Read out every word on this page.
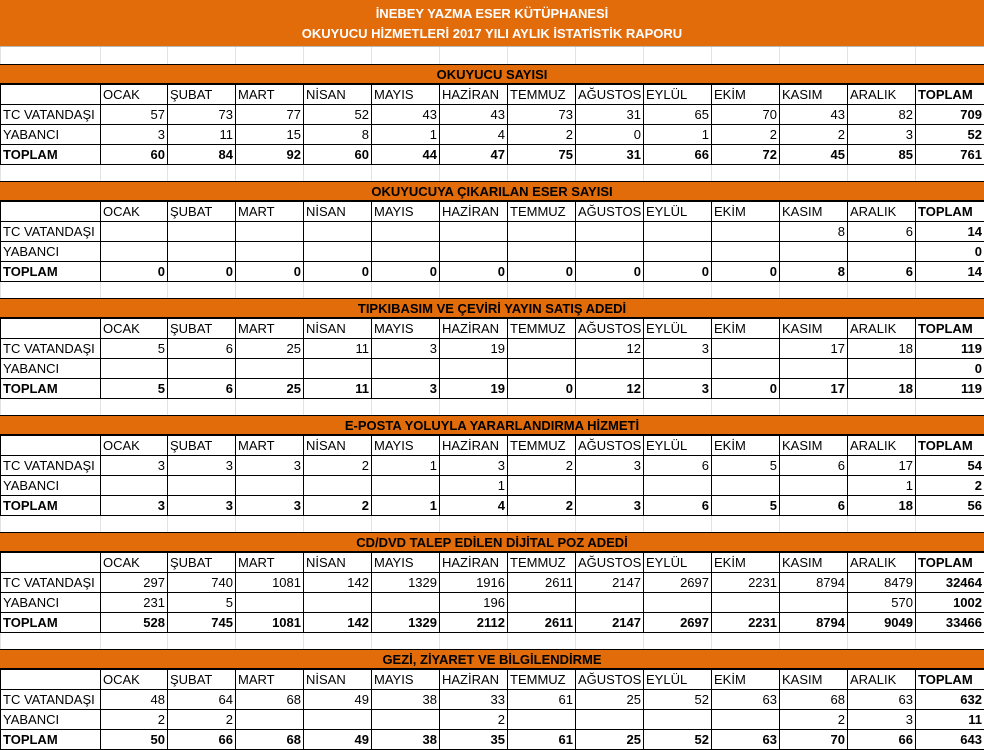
İNEBEY YAZMA ESER KÜTÜPHANESİ
OKUYUCU HİZMETLERİ 2017 YILI AYLIK İSTATİSTİK RAPORU
OKUYUCU SAYISI
	OCAK	ŞUBAT	MART	NİSAN	MAYIS	HAZİRAN	TEMMUZ	AĞUSTOS	EYLÜL	EKİM	KASIM	ARALIK	TOPLAM
TC VATANDAŞI	57	73	77	52	43	43	73	31	65	70	43	82	709
YABANCI	3	11	15	8	1	4	2	0	1	2	2	3	52
TOPLAM	60	84	92	60	44	47	75	31	66	72	45	85	761
OKUYUCUYA ÇIKARILAN ESER SAYISI
	OCAK	ŞUBAT	MART	NİSAN	MAYIS	HAZİRAN	TEMMUZ	AĞUSTOS	EYLÜL	EKİM	KASIM	ARALIK	TOPLAM
TC VATANDAŞI											8	6	14
YABANCI													0
TOPLAM	0	0	0	0	0	0	0	0	0	0	8	6	14
TIPKIBASIM VE ÇEVİRİ YAYIN SATIŞ ADEDİ
	OCAK	ŞUBAT	MART	NİSAN	MAYIS	HAZİRAN	TEMMUZ	AĞUSTOS	EYLÜL	EKİM	KASIM	ARALIK	TOPLAM
TC VATANDAŞI	5	6	25	11	3	19		12	3		17	18	119
YABANCI													0
TOPLAM	5	6	25	11	3	19	0	12	3	0	17	18	119
E-POSTA YOLUYLA YARARLANDIRMA HİZMETİ
	OCAK	ŞUBAT	MART	NİSAN	MAYIS	HAZİRAN	TEMMUZ	AĞUSTOS	EYLÜL	EKİM	KASIM	ARALIK	TOPLAM
TC VATANDAŞI	3	3	3	2	1	3	2	3	6	5	6	17	54
YABANCI						1						1	2
TOPLAM	3	3	3	2	1	4	2	3	6	5	6	18	56
CD/DVD TALEP EDİLEN DİJİTAL POZ ADEDİ
	OCAK	ŞUBAT	MART	NİSAN	MAYIS	HAZİRAN	TEMMUZ	AĞUSTOS	EYLÜL	EKİM	KASIM	ARALIK	TOPLAM
TC VATANDAŞI	297	740	1081	142	1329	1916	2611	2147	2697	2231	8794	8479	32464
YABANCI	231	5				196						570	1002
TOPLAM	528	745	1081	142	1329	2112	2611	2147	2697	2231	8794	9049	33466
GEZİ, ZİYARET VE BİLGİLENDİRME
	OCAK	ŞUBAT	MART	NİSAN	MAYIS	HAZİRAN	TEMMUZ	AĞUSTOS	EYLÜL	EKİM	KASIM	ARALIK	TOPLAM
TC VATANDAŞI	48	64	68	49	38	33	61	25	52	63	68	63	632
YABANCI	2	2				2					2	3	11
TOPLAM	50	66	68	49	38	35	61	25	52	63	70	66	643
